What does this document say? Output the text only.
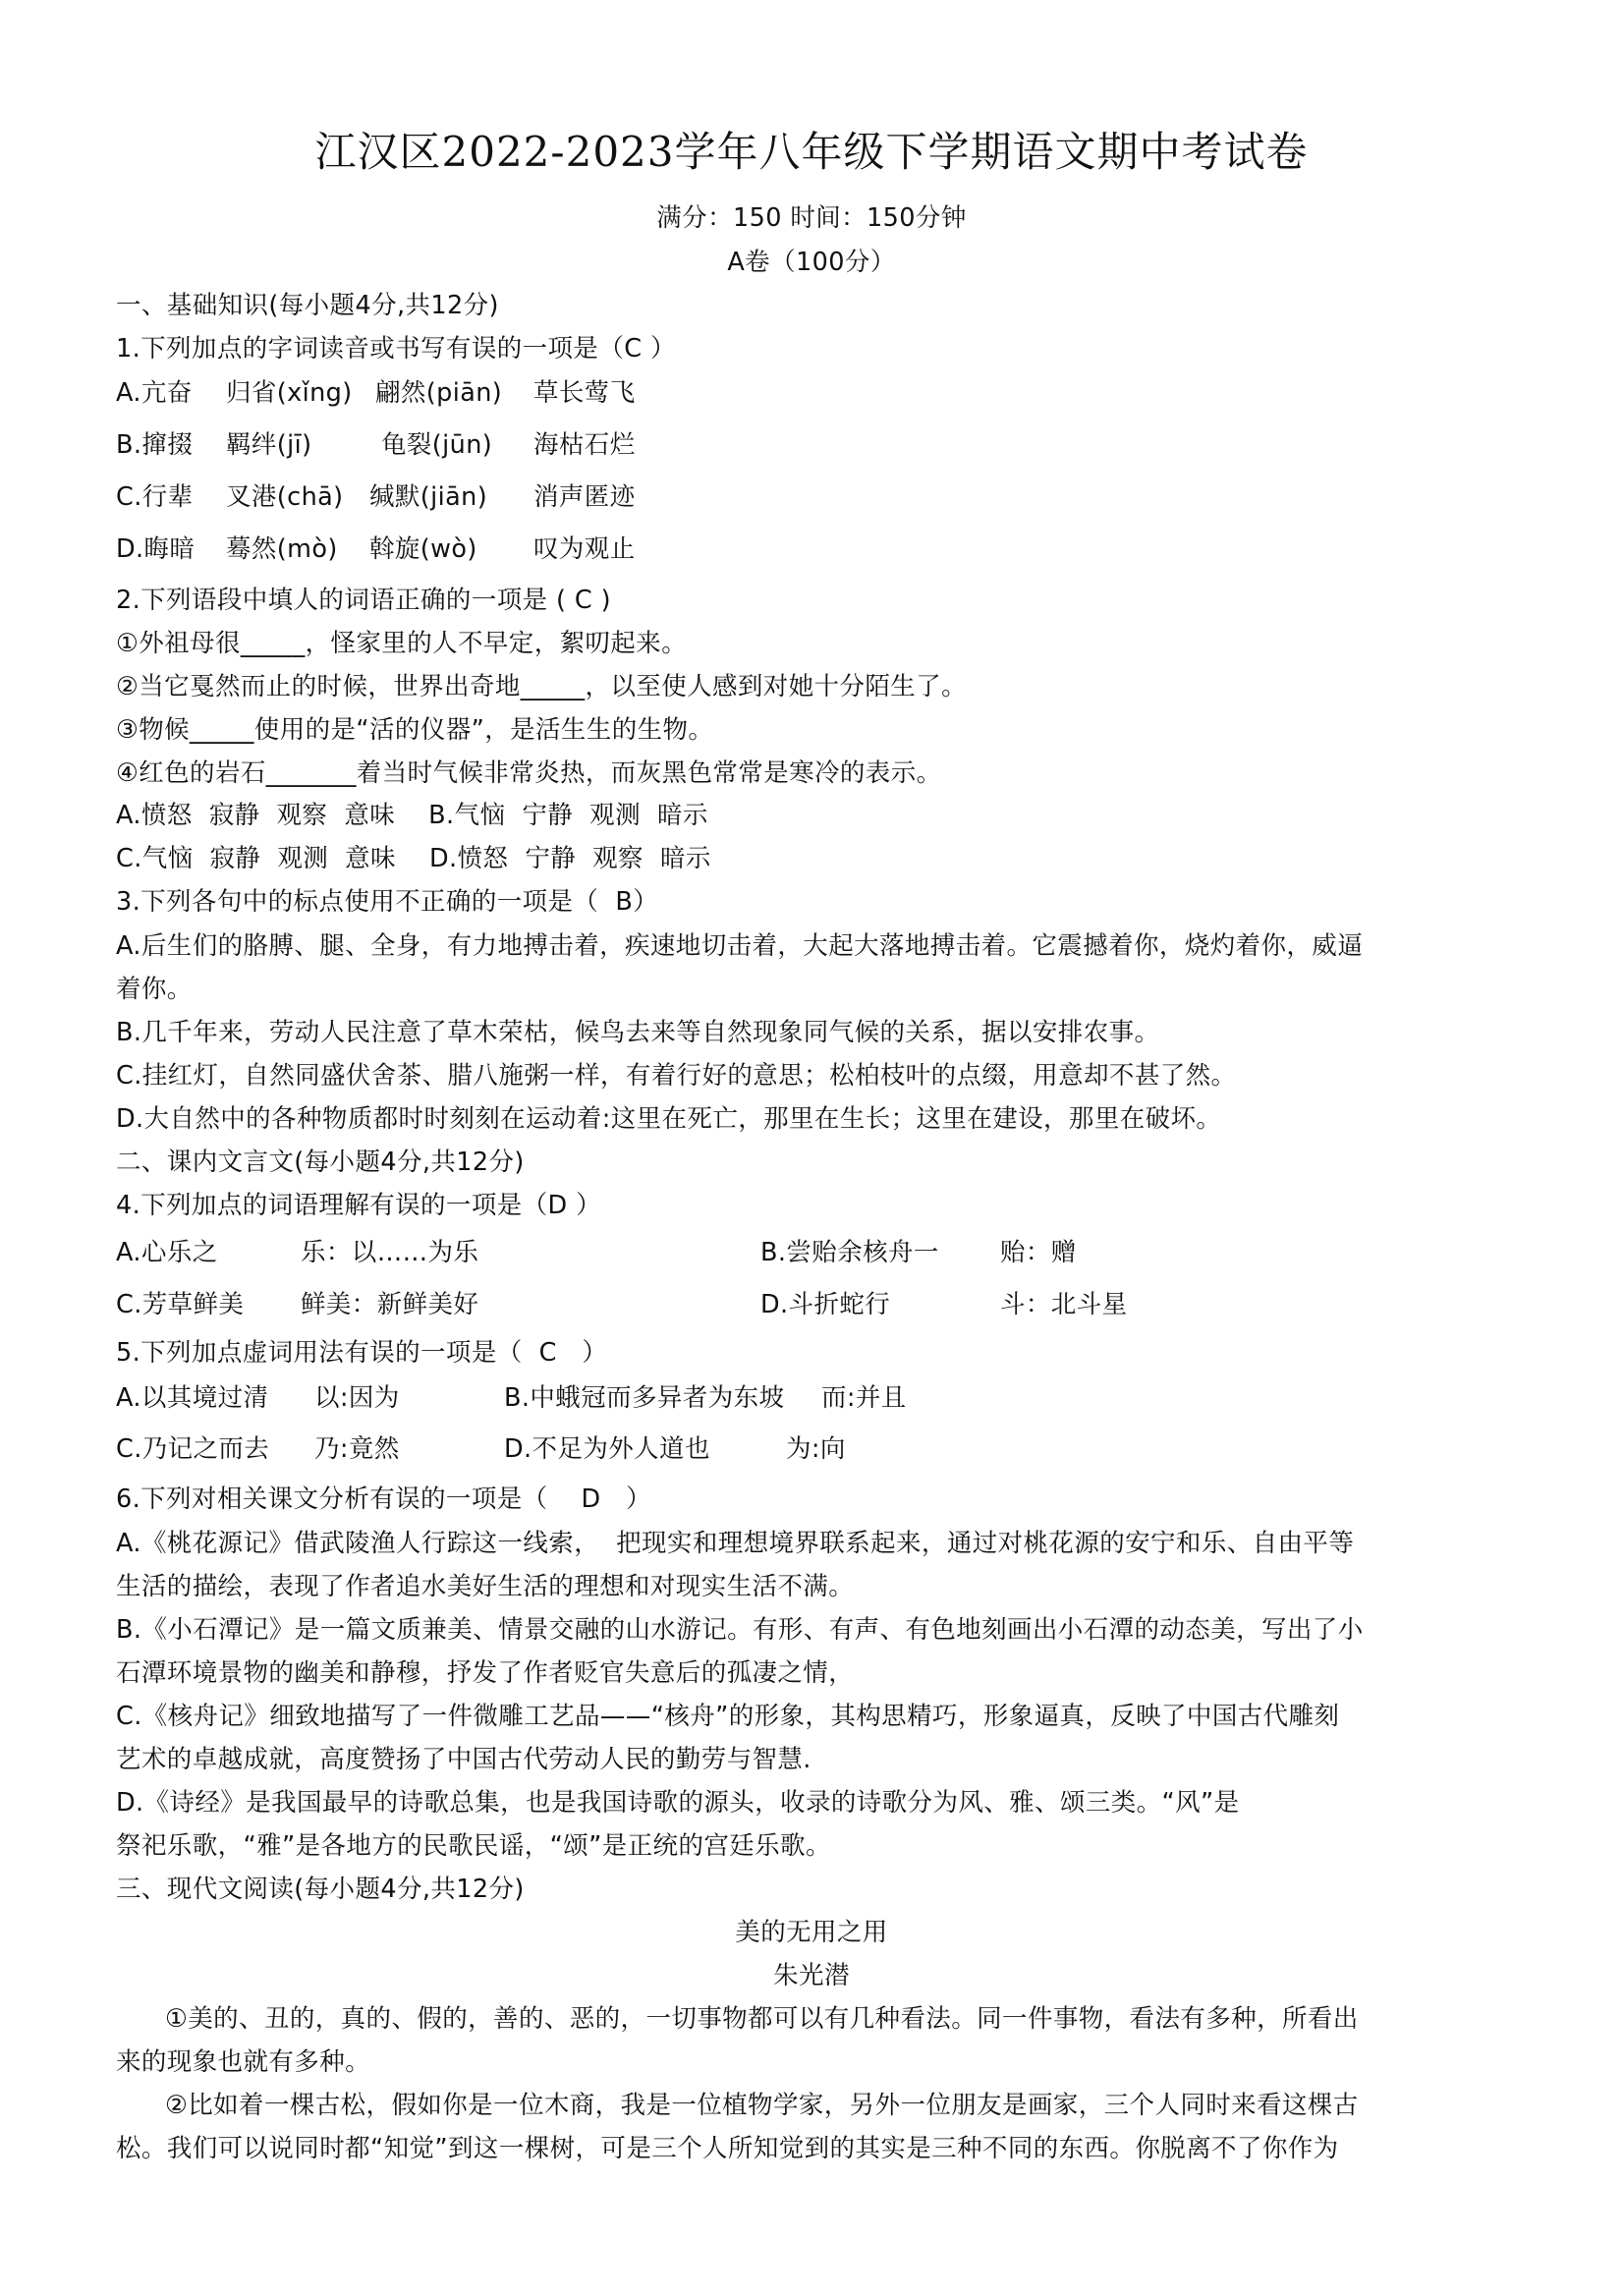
江汉区2022-2023学年八年级下学期语文期中考试卷
满分：150 时间：150分钟
A卷（100分）
一、基础知识(每小题4分,共12分)
1.下列加点的字词读音或书写有误的一项是（C ）
A.亢奋 归省(xǐng) 翩然(piān) 草长莺飞
B.撺掇 羁绊(jī)	龟裂(jūn) 海枯石烂
C.行辈 叉港(chā) 缄默(jiān) 消声匿迹
D.晦暗 蓦然(mò) 斡旋(wò) 叹为观止
2.下列语段中填人的词语正确的一项是 ( C )
①外祖母很_____，怪家里的人不早定，絮叨起来。
②当它戛然而止的时候，世界出奇地_____，以至使人感到对她十分陌生了。
③物候_____使用的是“活的仪器”，是活生生的生物。
④红色的岩石_______着当时气候非常炎热，而灰黑色常常是寒冷的表示。
A.愤怒  寂静  观察  意味    B.气恼  宁静  观测  暗示
C.气恼  寂静  观测  意味    D.愤怒  宁静  观察  暗示
3.下列各句中的标点使用不正确的一项是（  B）
A.后生们的胳膊、腿、全身，有力地搏击着，疾速地切击着，大起大落地搏击着。它震撼着你，烧灼着你，威逼
着你。
B.几千年来，劳动人民注意了草木荣枯，候鸟去来等自然现象同气候的关系，据以安排农事。
C.挂红灯，自然同盛伏舍茶、腊八施粥一样，有着行好的意思；松柏枝叶的点缀，用意却不甚了然。
D.大自然中的各种物质都时时刻刻在运动着:这里在死亡，那里在生长；这里在建设，那里在破坏。
二、课内文言文(每小题4分,共12分)
4.下列加点的词语理解有误的一项是（D ）
A.心乐之	乐：以……为乐	B.尝贻余核舟一 贻：赠
C.芳草鲜美 鲜美：新鲜美好	D.斗折蛇行	斗：北斗星
5.下列加点虚词用法有误的一项是（  C   ）
A.以其境过清 以:因为	B.中蛾冠而多异者为东坡 而:并且
C.乃记之而去 乃:竟然	D.不足为外人道也	为:向
6.下列对相关课文分析有误的一项是（    D   ）
A.《桃花源记》借武陵渔人行踪这一线索，  把现实和理想境界联系起来，通过对桃花源的安宁和乐、自由平等
生活的描绘，表现了作者追水美好生活的理想和对现实生活不满。
B.《小石潭记》是一篇文质兼美、情景交融的山水游记。有形、有声、有色地刻画出小石潭的动态美，写出了小
石潭环境景物的幽美和静穆，抒发了作者贬官失意后的孤凄之情，
C.《核舟记》细致地描写了一件微雕工艺品——“核舟”的形象，其构思精巧，形象逼真，反映了中国古代雕刻
艺术的卓越成就，高度赞扬了中国古代劳动人民的勤劳与智慧.
D.《诗经》是我国最早的诗歌总集，也是我国诗歌的源头，收录的诗歌分为风、雅、颂三类。“风”是
祭祀乐歌，“雅”是各地方的民歌民谣，“颂”是正统的宫廷乐歌。
三、现代文阅读(每小题4分,共12分)
美的无用之用
朱光潜
①美的、丑的，真的、假的，善的、恶的，一切事物都可以有几种看法。同一件事物，看法有多种，所看出
来的现象也就有多种。
②比如着一棵古松，假如你是一位木商，我是一位植物学家，另外一位朋友是画家，三个人同时来看这棵古
松。我们可以说同时都“知觉”到这一棵树，可是三个人所知觉到的其实是三种不同的东西。你脱离不了你作为
